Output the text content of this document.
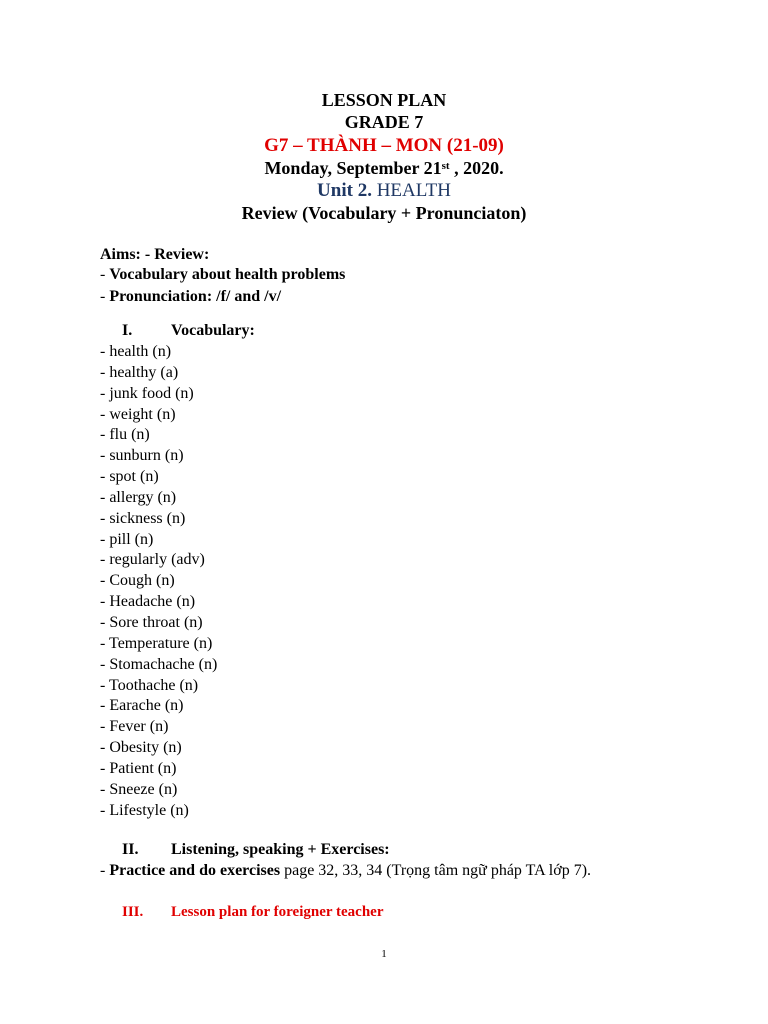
LESSON PLAN
GRADE 7
G7 – THÀNH – MON (21-09)
Monday, September 21st , 2020.
Unit 2. HEALTH
Review (Vocabulary + Pronunciaton)
Aims: - Review:
- Vocabulary about health problems
- Pronunciation: /f/ and /v/
I. Vocabulary:
- health (n)
- healthy (a)
- junk food (n)
- weight (n)
- flu (n)
- sunburn (n)
- spot (n)
- allergy (n)
- sickness (n)
- pill (n)
- regularly (adv)
- Cough (n)
- Headache (n)
- Sore throat (n)
- Temperature (n)
- Stomachache (n)
- Toothache (n)
- Earache (n)
- Fever (n)
- Obesity (n)
- Patient (n)
- Sneeze (n)
- Lifestyle (n)
II. Listening, speaking + Exercises:
- Practice and do exercises page 32, 33, 34 (Trọng tâm ngữ pháp TA lớp 7).
III. Lesson plan for foreigner teacher
1
